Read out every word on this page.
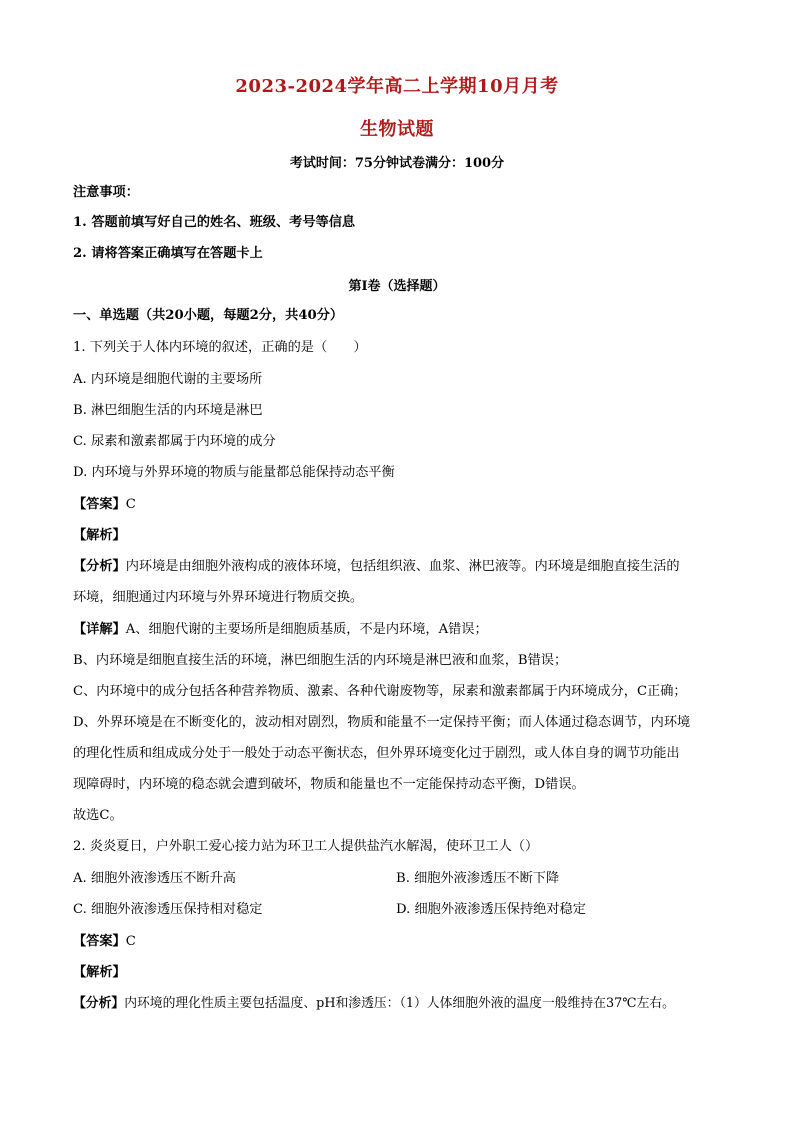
2023-2024学年高二上学期10月月考
生物试题
考试时间：75分钟试卷满分：100分
注意事项：
1. 答题前填写好自己的姓名、班级、考号等信息
2. 请将答案正确填写在答题卡上
第I卷（选择题）
一、单选题（共20小题，每题2分，共40分）
1. 下列关于人体内环境的叙述，正确的是（　　）
A. 内环境是细胞代谢的主要场所
B. 淋巴细胞生活的内环境是淋巴
C. 尿素和激素都属于内环境的成分
D. 内环境与外界环境的物质与能量都总能保持动态平衡
【答案】C
【解析】
【分析】内环境是由细胞外液构成的液体环境，包括组织液、血浆、淋巴液等。内环境是细胞直接生活的
环境，细胞通过内环境与外界环境进行物质交换。
【详解】A、细胞代谢的主要场所是细胞质基质，不是内环境，A错误；
B、内环境是细胞直接生活的环境，淋巴细胞生活的内环境是淋巴液和血浆，B错误；
C、内环境中的成分包括各种营养物质、激素、各种代谢废物等，尿素和激素都属于内环境成分，C正确；
D、外界环境是在不断变化的，波动相对剧烈，物质和能量不一定保持平衡；而人体通过稳态调节，内环境
的理化性质和组成成分处于一般处于动态平衡状态，但外界环境变化过于剧烈，或人体自身的调节功能出
现障碍时，内环境的稳态就会遭到破坏，物质和能量也不一定能保持动态平衡，D错误。
故选C。
2. 炎炎夏日，户外职工爱心接力站为环卫工人提供盐汽水解渴，使环卫工人（）
A. 细胞外液渗透压不断升高	B. 细胞外液渗透压不断下降
C. 细胞外液渗透压保持相对稳定	D. 细胞外液渗透压保持绝对稳定
【答案】C
【解析】
【分析】内环境的理化性质主要包括温度、pH和渗透压：（1）人体细胞外液的温度一般维持在37℃左右。
